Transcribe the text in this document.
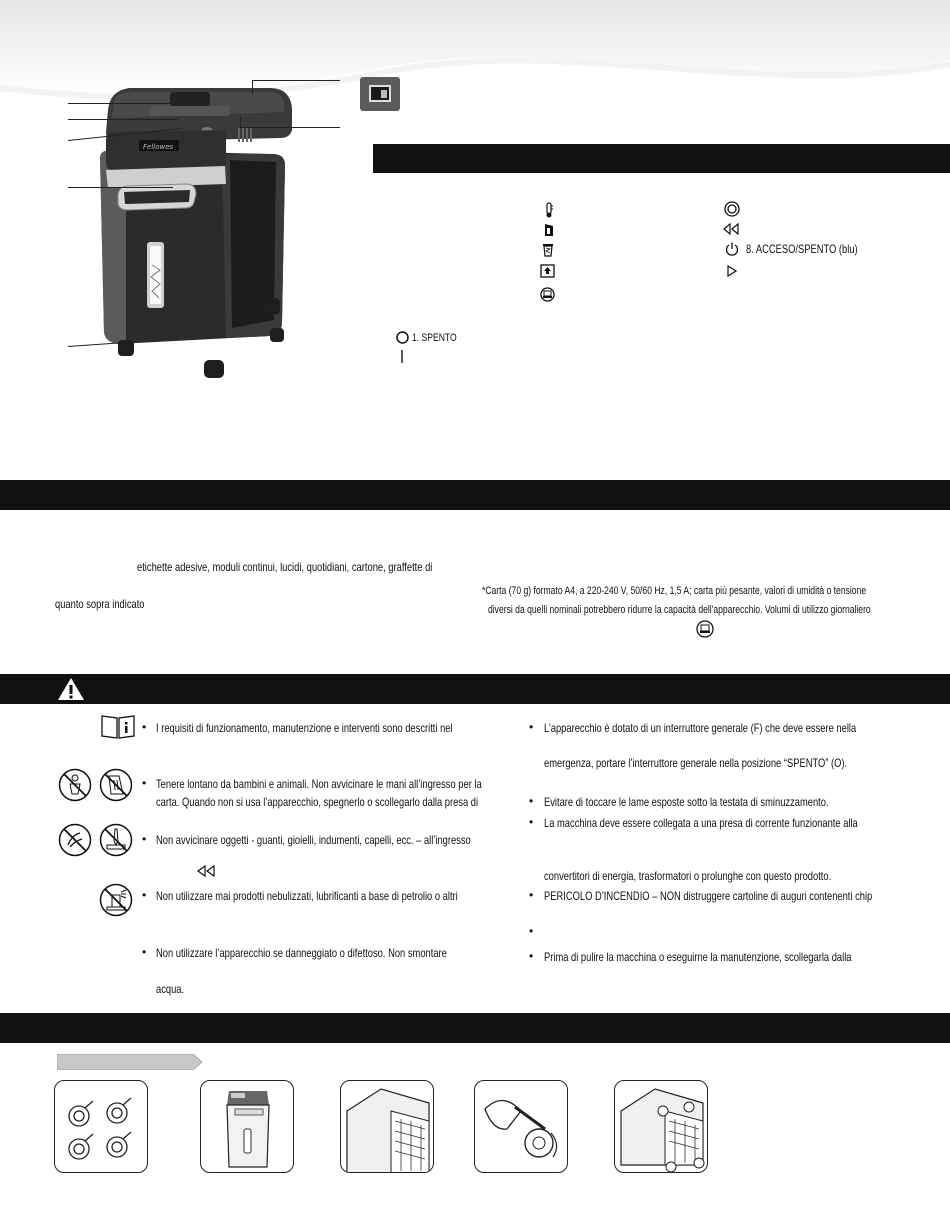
Fellowes
8. ACCESO/SPENTO (blu)
1. SPENTO
etichette adesive, moduli continui, lucidi, quotidiani, cartone, graffette di
quanto sopra indicato
*Carta (70 g) formato A4, a 220-240 V, 50/60 Hz, 1,5 A; carta più pesante, valori di umidità o tensione
diversi da quelli nominali potrebbero ridurre la capacità dell'apparecchio. Volumi di utilizzo giornaliero
• I requisiti di funzionamento, manutenzione e interventi sono descritti nel
• Tenere lontano da bambini e animali. Non avvicinare le mani all’ingresso per la
carta. Quando non si usa l’apparecchio, spegnerlo o scollegarlo dalla presa di
• Non avvicinare oggetti - guanti, gioielli, indumenti, capelli, ecc. – all’ingresso
• Non utilizzare mai prodotti nebulizzati, lubrificanti a base di petrolio o altri
• Non utilizzare l’apparecchio se danneggiato o difettoso. Non smontare
acqua.
• L’apparecchio è dotato di un interruttore generale (F) che deve essere nella
emergenza, portare l’interruttore generale nella posizione “SPENTO” (O).
• Evitare di toccare le lame esposte sotto la testata di sminuzzamento.
• La macchina deve essere collegata a una presa di corrente funzionante alla
convertitori di energia, trasformatori o prolunghe con questo prodotto.
• PERICOLO D’INCENDIO – NON distruggere cartoline di auguri contenenti chip
•
• Prima di pulire la macchina o eseguirne la manutenzione, scollegarla dalla
